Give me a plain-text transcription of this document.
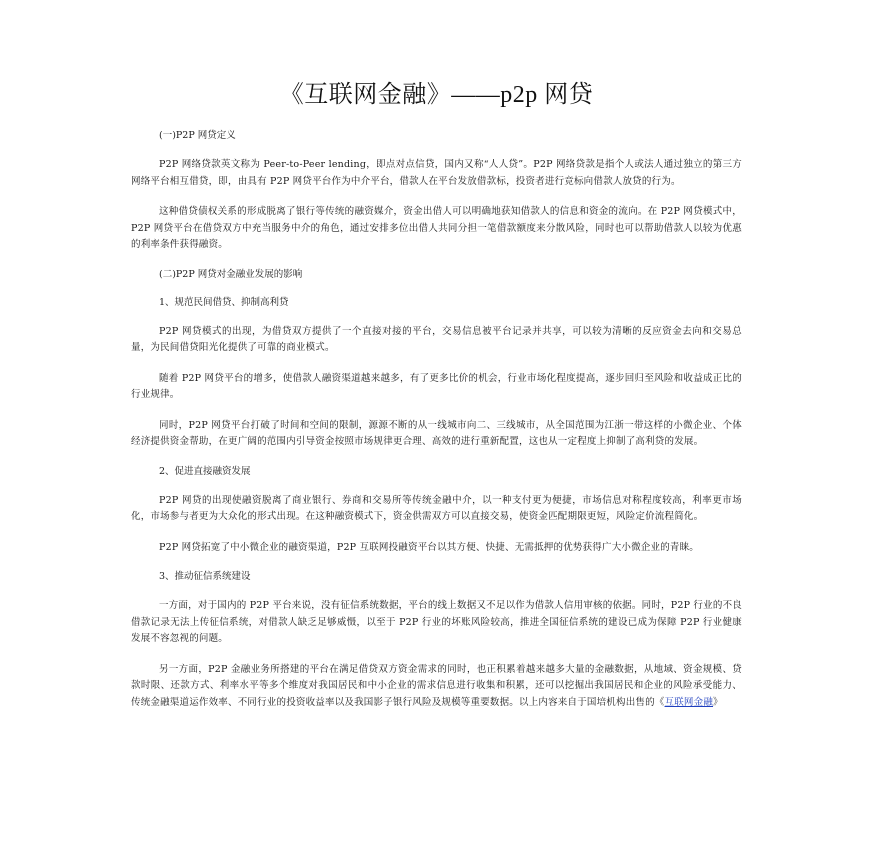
《互联网金融》——p2p 网贷
(一)P2P 网贷定义

P2P 网络贷款英文称为 Peer-to-Peer lending，即点对点信贷，国内又称“人人贷”。P2P 网络贷款是指个人或法人通过独立的第三方网络平台相互借贷，即，由具有 P2P 网贷平台作为中介平台，借款人在平台发放借款标，投资者进行竞标向借款人放贷的行为。

这种借贷债权关系的形成脱离了银行等传统的融资媒介，资金出借人可以明确地获知借款人的信息和资金的流向。在 P2P 网贷模式中，P2P 网贷平台在借贷双方中充当服务中介的角色，通过安排多位出借人共同分担一笔借款额度来分散风险，同时也可以帮助借款人以较为优惠的利率条件获得融资。

(二)P2P 网贷对金融业发展的影响
1、规范民间借贷、抑制高利贷

P2P 网贷模式的出现，为借贷双方提供了一个直接对接的平台，交易信息被平台记录并共享，可以较为清晰的反应资金去向和交易总量，为民间借贷阳光化提供了可靠的商业模式。

随着 P2P 网贷平台的增多，使借款人融资渠道越来越多，有了更多比价的机会，行业市场化程度提高，逐步回归至风险和收益成正比的行业规律。

同时，P2P 网贷平台打破了时间和空间的限制，源源不断的从一线城市向二、三线城市，从全国范围为江浙一带这样的小微企业、个体经济提供资金帮助，在更广阔的范围内引导资金按照市场规律更合理、高效的进行重新配置，这也从一定程度上抑制了高利贷的发展。

2、促进直接融资发展

P2P 网贷的出现使融资脱离了商业银行、券商和交易所等传统金融中介，以一种支付更为便捷，市场信息对称程度较高，利率更市场化，市场参与者更为大众化的形式出现。在这种融资模式下，资金供需双方可以直接交易，使资金匹配期限更短，风险定价流程简化。

P2P 网贷拓宽了中小微企业的融资渠道，P2P 互联网投融资平台以其方便、快捷、无需抵押的优势获得广大小微企业的青睐。

3、推动征信系统建设

一方面，对于国内的 P2P 平台来说，没有征信系统数据，平台的线上数据又不足以作为借款人信用审核的依据。同时，P2P 行业的不良借款记录无法上传征信系统，对借款人缺乏足够威慑，以至于 P2P 行业的坏账风险较高，推进全国征信系统的建设已成为保障 P2P 行业健康发展不容忽视的问题。

另一方面，P2P 金融业务所搭建的平台在满足借贷双方资金需求的同时，也正积累着越来越多大量的金融数据，从地域、资金规模、贷款时限、还款方式、利率水平等多个维度对我国居民和中小企业的需求信息进行收集和积累，还可以挖掘出我国居民和企业的风险承受能力、传统金融渠道运作效率、不同行业的投资收益率以及我国影子银行风险及规模等重要数据。以上内容来自于国培机构出售的《互联网金融》
